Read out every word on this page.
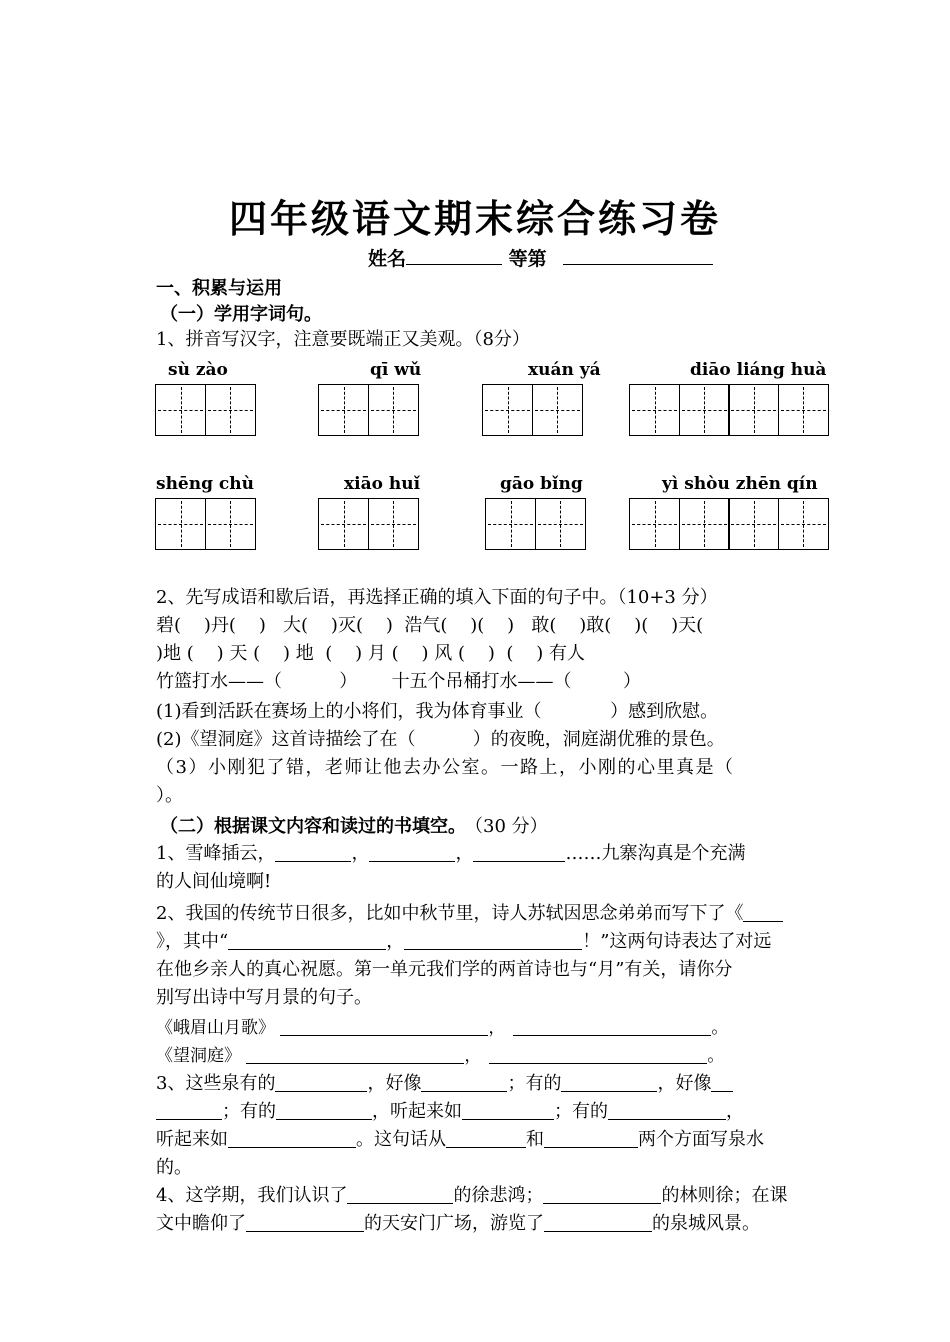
四年级语文期末综合练习卷
姓名	等第
一、积累与运用
（一）学用字词句。
1、拼音写汉字，注意要既端正又美观。（8分）
sù zào	qī wǔ	xuán yá	diāo liáng huà
shēng chù	xiāo huǐ	gāo bǐng	yì shòu zhēn qín
2、先写成语和歇后语，再选择正确的填入下面的句子中。（10+3 分）
碧(    )丹(    )   大(    )灭(    )  浩气(    )(    )   敢(    )敢(    )(    )天(
)地 (    ) 天 (    ) 地  (    ) 月 (    ) 风 (    )  (    ) 有人
竹篮打水——（          ） 十五个吊桶打水——（         ）
(1)看到活跃在赛场上的小将们，我为体育事业（            ）感到欣慰。
(2)《望洞庭》这首诗描绘了在（          ）的夜晚，洞庭湖优雅的景色。
（3）小刚犯了错，老师让他去办公室。一路上，小刚的心里真是（
）。
（二）根据课文内容和读过的书填空。 （30 分）
1、雪峰插云，	，	，	……九寨沟真是个充满
的人间仙境啊!
2、我国的传统节日很多，比如中秋节里，诗人苏轼因思念弟弟而写下了《
》，其中“	，	！”这两句诗表达了对远
在他乡亲人的真心祝愿。第一单元我们学的两首诗也与“月”有关，请你分
别写出诗中写月景的句子。
《峨眉山月歌》	，	。
《望洞庭》	，	。
3、这些泉有的	，好像	；有的	，好像
；有的	，听起来如	；有的	，
听起来如	。这句话从	和	两个方面写泉水
的。
4、这学期，我们认识了	的徐悲鸿；	的林则徐；在课
文中瞻仰了	的天安门广场，游览了	的泉城风景。
